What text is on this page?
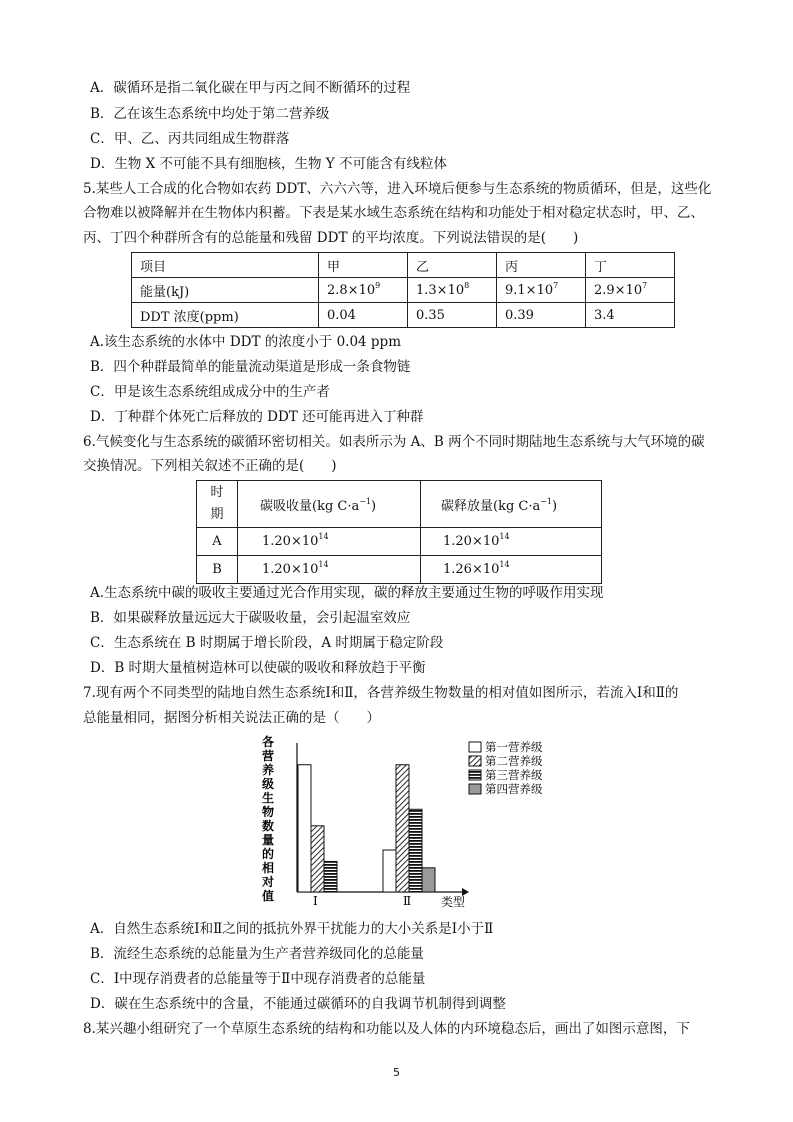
A．碳循环是指二氧化碳在甲与丙之间不断循环的过程
B．乙在该生态系统中均处于第二营养级
C．甲、乙、丙共同组成生物群落
D．生物 X 不可能不具有细胞核，生物 Y 不可能含有线粒体
5.某些人工合成的化合物如农药 DDT、六六六等，进入环境后便参与生态系统的物质循环，但是，这些化
合物难以被降解并在生物体内积蓄。下表是某水域生态系统在结构和功能处于相对稳定状态时，甲、乙、
丙、丁四个种群所含有的总能量和残留 DDT 的平均浓度。下列说法错误的是(　　)
项目	甲	乙	丙	丁
能量(kJ)	$2.8\times 10^9$	$1.3\times 10^8$	$9.1\times 10^7$	$2.9\times 10^7$
DDT 浓度(ppm)	0.04	0.35	0.39	3.4
A.该生态系统的水体中 DDT 的浓度小于 0.04 ppm
B．四个种群最简单的能量流动渠道是形成一条食物链
C．甲是该生态系统组成成分中的生产者
D．丁种群个体死亡后释放的 DDT 还可能再进入丁种群
6.气候变化与生态系统的碳循环密切相关。如表所示为 A、B 两个不同时期陆地生态系统与大气环境的碳
交换情况。下列相关叙述不正确的是(　　)
时
期	碳吸收量(kg $C\cdot a^{-1}$)	碳释放量(kg $C\cdot a^{-1}$)
A	$1.20\times 10^{14}$	$1.20\times 10^{14}$
B	$1.20\times 10^{14}$	$1.26\times 10^{14}$
A.生态系统中碳的吸收主要通过光合作用实现，碳的释放主要通过生物的呼吸作用实现
B．如果碳释放量远远大于碳吸收量，会引起温室效应
C．生态系统在 B 时期属于增长阶段，A 时期属于稳定阶段
D．B 时期大量植树造林可以使碳的吸收和释放趋于平衡
7.现有两个不同类型的陆地自然生态系统Ⅰ和Ⅱ，各营养级生物数量的相对值如图所示，若流入Ⅰ和Ⅱ的
总能量相同，据图分析相关说法正确的是（　　）
各
营
养
级
生
物
数
量
的
相
对
值	Ⅰ	Ⅱ 类型
第一营养级
第二营养级
第三营养级
第四营养级
A．自然生态系统Ⅰ和Ⅱ之间的抵抗外界干扰能力的大小关系是Ⅰ小于Ⅱ
B．流经生态系统的总能量为生产者营养级同化的总能量
C．Ⅰ中现存消费者的总能量等于Ⅱ中现存消费者的总能量
D．碳在生态系统中的含量，不能通过碳循环的自我调节机制得到调整
8.某兴趣小组研究了一个草原生态系统的结构和功能以及人体的内环境稳态后，画出了如图示意图，下
5
